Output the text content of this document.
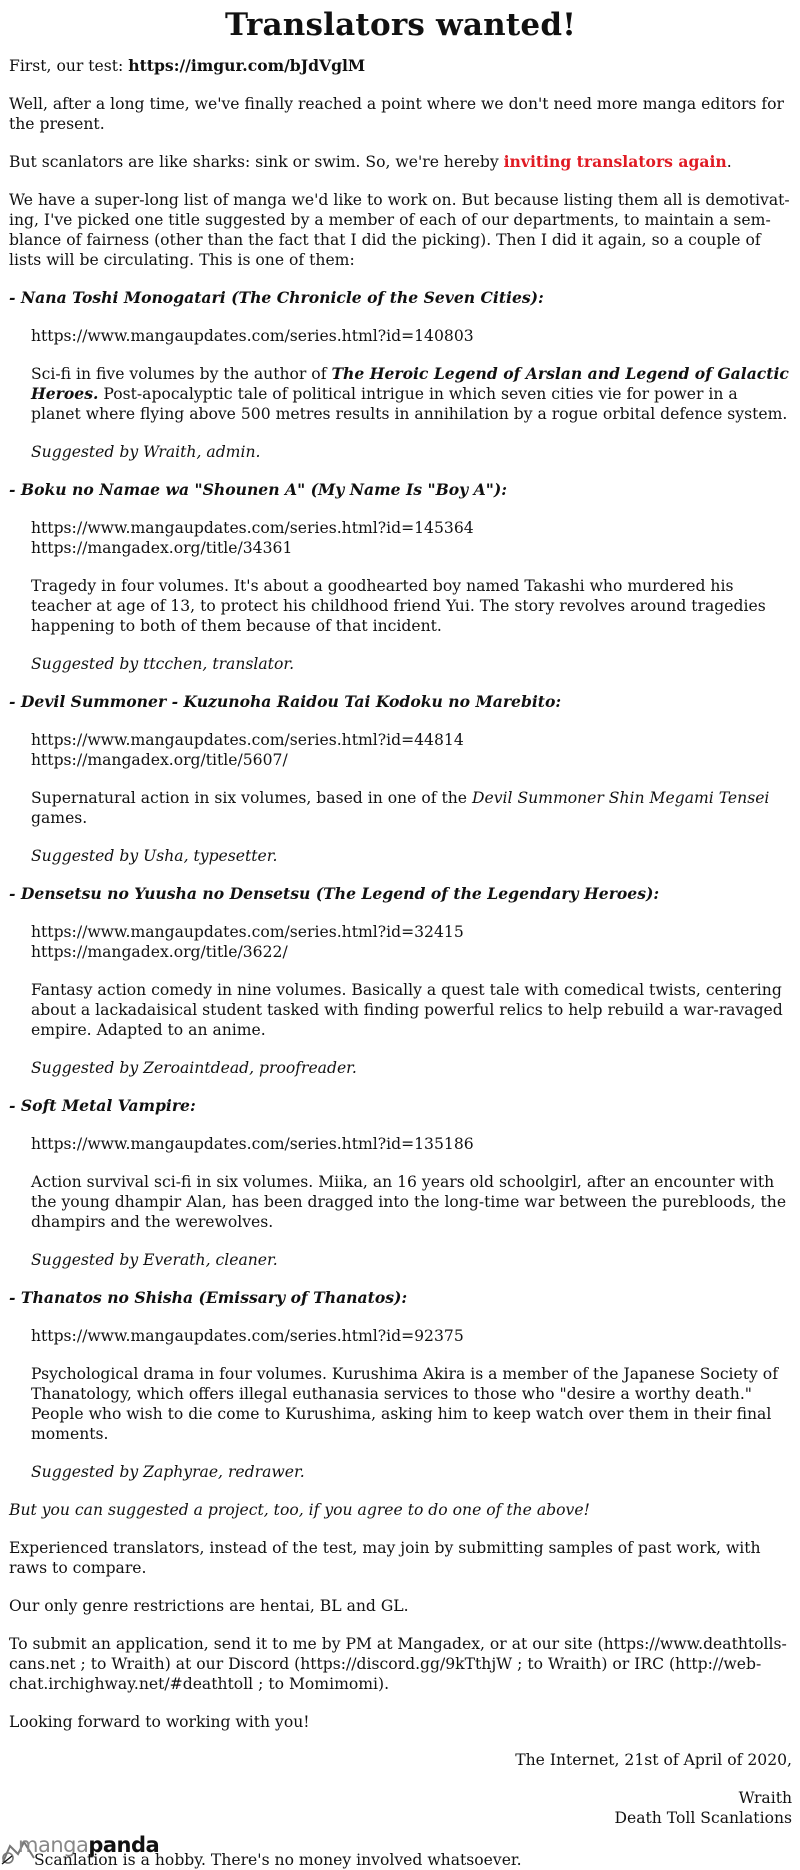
Translators wanted!

First, our test: https://imgur.com/bJdVglM

Well, after a long time, we've finally reached a point where we don't need more manga editors for the present.

But scanlators are like sharks: sink or swim. So, we're hereby inviting translators again.

We have a super-long list of manga we'd like to work on. But because listing them all is demotivating, I've picked one title suggested by a member of each of our departments, to maintain a semblance of fairness (other than the fact that I did the picking). Then I did it again, so a couple of lists will be circulating. This is one of them:

- Nana Toshi Monogatari (The Chronicle of the Seven Cities):

https://www.mangaupdates.com/series.html?id=140803

Sci-fi in five volumes by the author of The Heroic Legend of Arslan and Legend of Galactic Heroes. Post-apocalyptic tale of political intrigue in which seven cities vie for power in a planet where flying above 500 metres results in annihilation by a rogue orbital defence system.

Suggested by Wraith, admin.

- Boku no Namae wa "Shounen A" (My Name Is "Boy A"):

https://www.mangaupdates.com/series.html?id=145364
https://mangadex.org/title/34361

Tragedy in four volumes. It's about a goodhearted boy named Takashi who murdered his teacher at age of 13, to protect his childhood friend Yui. The story revolves around tragedies happening to both of them because of that incident.

Suggested by ttcchen, translator.

- Devil Summoner - Kuzunoha Raidou Tai Kodoku no Marebito:

https://www.mangaupdates.com/series.html?id=44814
https://mangadex.org/title/5607/

Supernatural action in six volumes, based in one of the Devil Summoner Shin Megami Tensei games.

Suggested by Usha, typesetter.

- Densetsu no Yuusha no Densetsu (The Legend of the Legendary Heroes):

https://www.mangaupdates.com/series.html?id=32415
https://mangadex.org/title/3622/

Fantasy action comedy in nine volumes. Basically a quest tale with comedical twists, centering about a lackadaisical student tasked with finding powerful relics to help rebuild a war-ravaged empire. Adapted to an anime.

Suggested by Zeroaintdead, proofreader.

- Soft Metal Vampire:

https://www.mangaupdates.com/series.html?id=135186

Action survival sci-fi in six volumes. Miika, an 16 years old schoolgirl, after an encounter with the young dhampir Alan, has been dragged into the long-time war between the purebloods, the dhampirs and the werewolves.

Suggested by Everath, cleaner.

- Thanatos no Shisha (Emissary of Thanatos):

https://www.mangaupdates.com/series.html?id=92375

Psychological drama in four volumes. Kurushima Akira is a member of the Japanese Society of Thanatology, which offers illegal euthanasia services to those who "desire a worthy death." People who wish to die come to Kurushima, asking him to keep watch over them in their final moments.

Suggested by Zaphyrae, redrawer.

But you can suggested a project, too, if you agree to do one of the above!

Experienced translators, instead of the test, may join by submitting samples of past work, with raws to compare.

Our only genre restrictions are hentai, BL and GL.

To submit an application, send it to me by PM at Mangadex, or at our site (https://www.deathtollscans.net ; to Wraith) at our Discord (https://discord.gg/9kTthjW ; to Wraith) or IRC (http://webchat.irchighway.net/#deathtoll ; to Momimomi).

Looking forward to working with you!

The Internet, 21st of April of 2020,

Wraith

Death Toll Scanlations

mangapanda
Scanlation is a hobby. There's no money involved whatsoever.
